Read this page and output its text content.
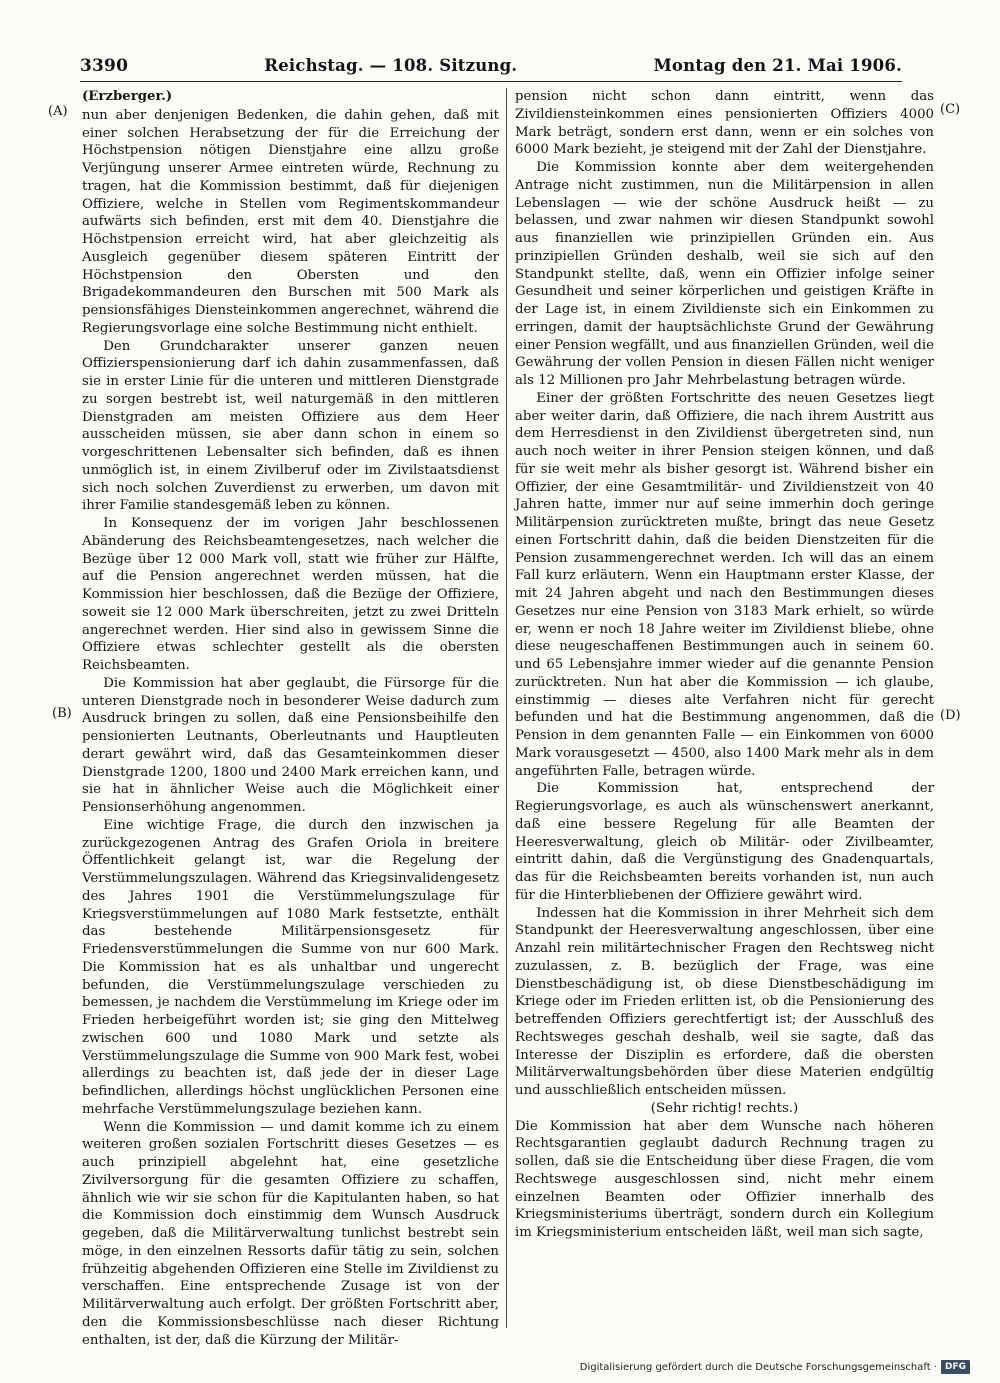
3390	Reichstag. — 108. Sitzung.	Montag den 21. Mai 1906.
(A)
(B)
(C)
(D)
(Erzberger.)

nun aber denjenigen Bedenken, die dahin gehen, daß mit einer solchen Herabsetzung der für die Erreichung der Höchstpension nötigen Dienstjahre eine allzu große Verjüngung unserer Armee eintreten würde, Rechnung zu tragen, hat die Kommission bestimmt, daß für diejenigen Offiziere, welche in Stellen vom Regimentskommandeur aufwärts sich befinden, erst mit dem 40. Dienstjahre die Höchstpension erreicht wird, hat aber gleichzeitig als Ausgleich gegenüber diesem späteren Eintritt der Höchstpension den Obersten und den Brigadekommandeuren den Burschen mit 500 Mark als pensionsfähiges Diensteinkommen angerechnet, während die Regierungsvorlage eine solche Bestimmung nicht enthielt.

Den Grundcharakter unserer ganzen neuen Offizierspensionierung darf ich dahin zusammenfassen, daß sie in erster Linie für die unteren und mittleren Dienstgrade zu sorgen bestrebt ist, weil naturgemäß in den mittleren Dienstgraden am meisten Offiziere aus dem Heer ausscheiden müssen, sie aber dann schon in einem so vorgeschrittenen Lebensalter sich befinden, daß es ihnen unmöglich ist, in einem Zivilberuf oder im Zivilstaatsdienst sich noch solchen Zuverdienst zu erwerben, um davon mit ihrer Familie standesgemäß leben zu können.

In Konsequenz der im vorigen Jahr beschlossenen Abänderung des Reichsbeamtengesetzes, nach welcher die Bezüge über 12 000 Mark voll, statt wie früher zur Hälfte, auf die Pension angerechnet werden müssen, hat die Kommission hier beschlossen, daß die Bezüge der Offiziere, soweit sie 12 000 Mark überschreiten, jetzt zu zwei Dritteln angerechnet werden. Hier sind also in gewissem Sinne die Offiziere etwas schlechter gestellt als die obersten Reichsbeamten.

Die Kommission hat aber geglaubt, die Fürsorge für die unteren Dienstgrade noch in besonderer Weise dadurch zum Ausdruck bringen zu sollen, daß eine Pensionsbeihilfe den pensionierten Leutnants, Oberleutnants und Hauptleuten derart gewährt wird, daß das Gesamteinkommen dieser Dienstgrade 1200, 1800 und 2400 Mark erreichen kann, und sie hat in ähnlicher Weise auch die Möglichkeit einer Pensionserhöhung angenommen.

Eine wichtige Frage, die durch den inzwischen ja zurückgezogenen Antrag des Grafen Oriola in breitere Öffentlichkeit gelangt ist, war die Regelung der Verstümmelungszulagen. Während das Kriegsinvalidengesetz des Jahres 1901 die Verstümmelungszulage für Kriegsverstümmelungen auf 1080 Mark festsetzte, enthält das bestehende Militärpensionsgesetz für Friedensverstümmelungen die Summe von nur 600 Mark. Die Kommission hat es als unhaltbar und ungerecht befunden, die Verstümmelungszulage verschieden zu bemessen, je nachdem die Verstümmelung im Kriege oder im Frieden herbeigeführt worden ist; sie ging den Mittelweg zwischen 600 und 1080 Mark und setzte als Verstümmelungszulage die Summe von 900 Mark fest, wobei allerdings zu beachten ist, daß jede der in dieser Lage befindlichen, allerdings höchst unglücklichen Personen eine mehrfache Verstümmelungszulage beziehen kann.

Wenn die Kommission — und damit komme ich zu einem weiteren großen sozialen Fortschritt dieses Gesetzes — es auch prinzipiell abgelehnt hat, eine gesetzliche Zivilversorgung für die gesamten Offiziere zu schaffen, ähnlich wie wir sie schon für die Kapitulanten haben, so hat die Kommission doch einstimmig dem Wunsch Ausdruck gegeben, daß die Militärverwaltung tunlichst bestrebt sein möge, in den einzelnen Ressorts dafür tätig zu sein, solchen frühzeitig abgehenden Offizieren eine Stelle im Zivildienst zu verschaffen. Eine entsprechende Zusage ist von der Militärverwaltung auch erfolgt. Der größten Fortschritt aber, den die Kommissionsbeschlüsse nach dieser Richtung enthalten, ist der, daß die Kürzung der Militär-

pension nicht schon dann eintritt, wenn das Zivildiensteinkommen eines pensionierten Offiziers 4000 Mark beträgt, sondern erst dann, wenn er ein solches von 6000 Mark bezieht, je steigend mit der Zahl der Dienstjahre.

Die Kommission konnte aber dem weitergehenden Antrage nicht zustimmen, nun die Militärpension in allen Lebenslagen — wie der schöne Ausdruck heißt — zu belassen, und zwar nahmen wir diesen Standpunkt sowohl aus finanziellen wie prinzipiellen Gründen ein. Aus prinzipiellen Gründen deshalb, weil sie sich auf den Standpunkt stellte, daß, wenn ein Offizier infolge seiner Gesundheit und seiner körperlichen und geistigen Kräfte in der Lage ist, in einem Zivildienste sich ein Einkommen zu erringen, damit der hauptsächlichste Grund der Gewährung einer Pension wegfällt, und aus finanziellen Gründen, weil die Gewährung der vollen Pension in diesen Fällen nicht weniger als 12 Millionen pro Jahr Mehrbelastung betragen würde.

Einer der größten Fortschritte des neuen Gesetzes liegt aber weiter darin, daß Offiziere, die nach ihrem Austritt aus dem Herresdienst in den Zivildienst übergetreten sind, nun auch noch weiter in ihrer Pension steigen können, und daß für sie weit mehr als bisher gesorgt ist. Während bisher ein Offizier, der eine Gesamtmilitär- und Zivildienstzeit von 40 Jahren hatte, immer nur auf seine immerhin doch geringe Militärpension zurücktreten mußte, bringt das neue Gesetz einen Fortschritt dahin, daß die beiden Dienstzeiten für die Pension zusammengerechnet werden. Ich will das an einem Fall kurz erläutern. Wenn ein Hauptmann erster Klasse, der mit 24 Jahren abgeht und nach den Bestimmungen dieses Gesetzes nur eine Pension von 3183 Mark erhielt, so würde er, wenn er noch 18 Jahre weiter im Zivildienst bliebe, ohne diese neugeschaffenen Bestimmungen auch in seinem 60. und 65 Lebensjahre immer wieder auf die genannte Pension zurücktreten. Nun hat aber die Kommission — ich glaube, einstimmig — dieses alte Verfahren nicht für gerecht befunden und hat die Bestimmung angenommen, daß die Pension in dem genannten Falle — ein Einkommen von 6000 Mark vorausgesetzt — 4500, also 1400 Mark mehr als in dem angeführten Falle, betragen würde.

Die Kommission hat, entsprechend der Regierungsvorlage, es auch als wünschenswert anerkannt, daß eine bessere Regelung für alle Beamten der Heeresverwaltung, gleich ob Militär- oder Zivilbeamter, eintritt dahin, daß die Vergünstigung des Gnadenquartals, das für die Reichsbeamten bereits vorhanden ist, nun auch für die Hinterbliebenen der Offiziere gewährt wird.

Indessen hat die Kommission in ihrer Mehrheit sich dem Standpunkt der Heeresverwaltung angeschlossen, über eine Anzahl rein militärtechnischer Fragen den Rechtsweg nicht zuzulassen, z. B. bezüglich der Frage, was eine Dienstbeschädigung ist, ob diese Dienstbeschädigung im Kriege oder im Frieden erlitten ist, ob die Pensionierung des betreffenden Offiziers gerechtfertigt ist; der Ausschluß des Rechtsweges geschah deshalb, weil sie sagte, daß das Interesse der Disziplin es erfordere, daß die obersten Militärverwaltungsbehörden über diese Materien endgültig und ausschließlich entscheiden müssen.

(Sehr richtig! rechts.)

Die Kommission hat aber dem Wunsche nach höheren Rechtsgarantien geglaubt dadurch Rechnung tragen zu sollen, daß sie die Entscheidung über diese Fragen, die vom Rechtswege ausgeschlossen sind, nicht mehr einem einzelnen Beamten oder Offizier innerhalb des Kriegsministeriums überträgt, sondern durch ein Kollegium im Kriegsministerium entscheiden läßt, weil man sich sagte,

Digitalisierung gefördert durch die Deutsche Forschungsgemeinschaft · DFG
